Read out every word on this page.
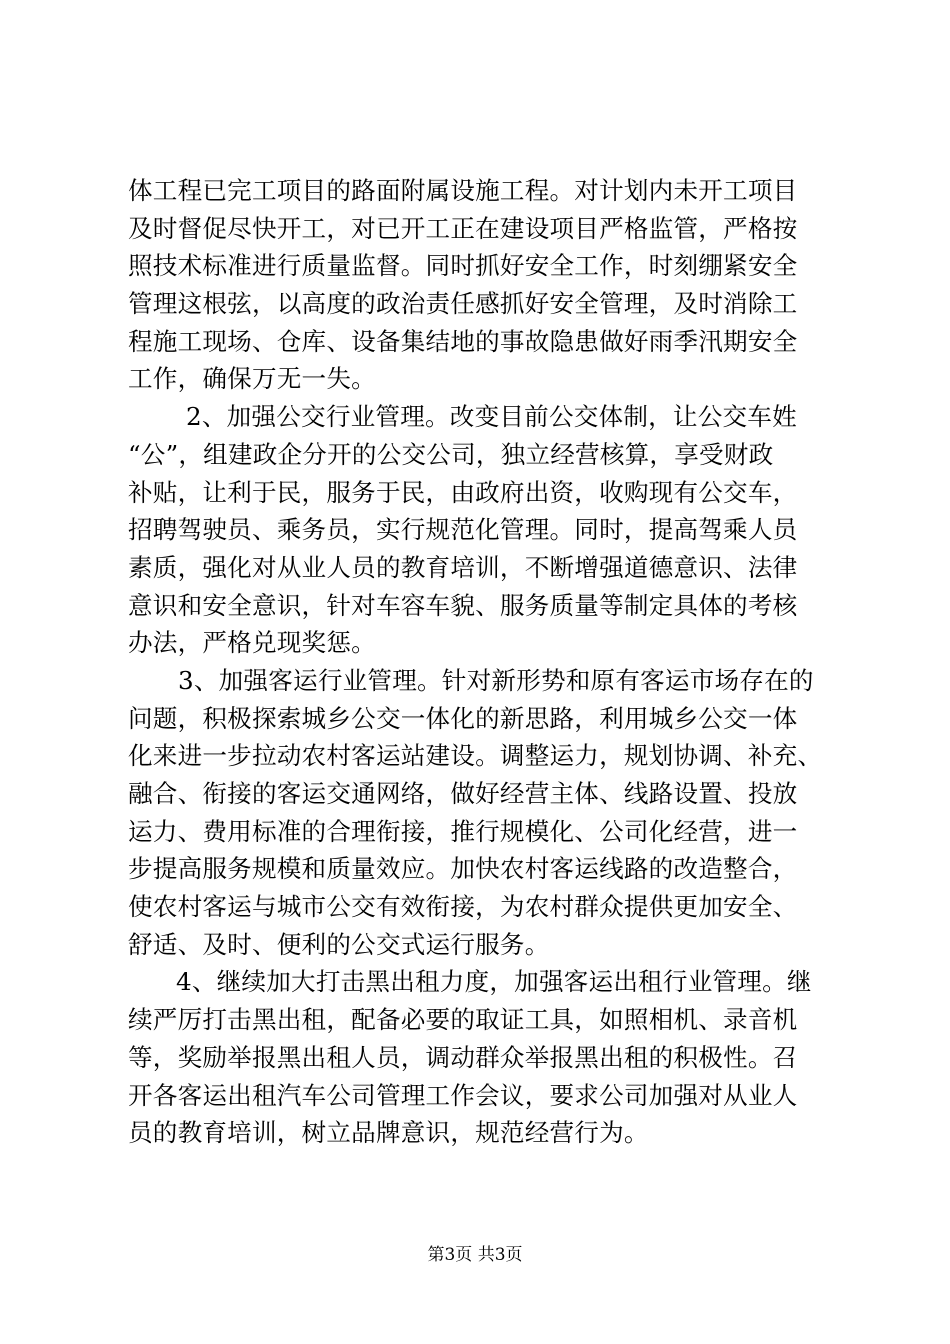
体工程已完工项目的路面附属设施工程。对计划内未开工项目
及时督促尽快开工，对已开工正在建设项目严格监管，严格按
照技术标准进行质量监督。同时抓好安全工作，时刻绷紧安全
管理这根弦，以高度的政治责任感抓好安全管理，及时消除工
程施工现场、仓库、设备集结地的事故隐患做好雨季汛期安全
工作，确保万无一失。
2、加强公交行业管理。改变目前公交体制，让公交车姓
“公”，组建政企分开的公交公司，独立经营核算，享受财政
补贴，让利于民，服务于民，由政府出资，收购现有公交车，
招聘驾驶员、乘务员，实行规范化管理。同时，提高驾乘人员
素质，强化对从业人员的教育培训，不断增强道德意识、法律
意识和安全意识，针对车容车貌、服务质量等制定具体的考核
办法，严格兑现奖惩。
3、加强客运行业管理。针对新形势和原有客运市场存在的
问题，积极探索城乡公交一体化的新思路，利用城乡公交一体
化来进一步拉动农村客运站建设。调整运力，规划协调、补充、
融合、衔接的客运交通网络，做好经营主体、线路设置、投放
运力、费用标准的合理衔接，推行规模化、公司化经营，进一
步提高服务规模和质量效应。加快农村客运线路的改造整合，
使农村客运与城市公交有效衔接，为农村群众提供更加安全、
舒适、及时、便利的公交式运行服务。
4、继续加大打击黑出租力度，加强客运出租行业管理。继
续严厉打击黑出租，配备必要的取证工具，如照相机、录音机
等，奖励举报黑出租人员，调动群众举报黑出租的积极性。召
开各客运出租汽车公司管理工作会议，要求公司加强对从业人
员的教育培训，树立品牌意识，规范经营行为。
第3页 共3页
